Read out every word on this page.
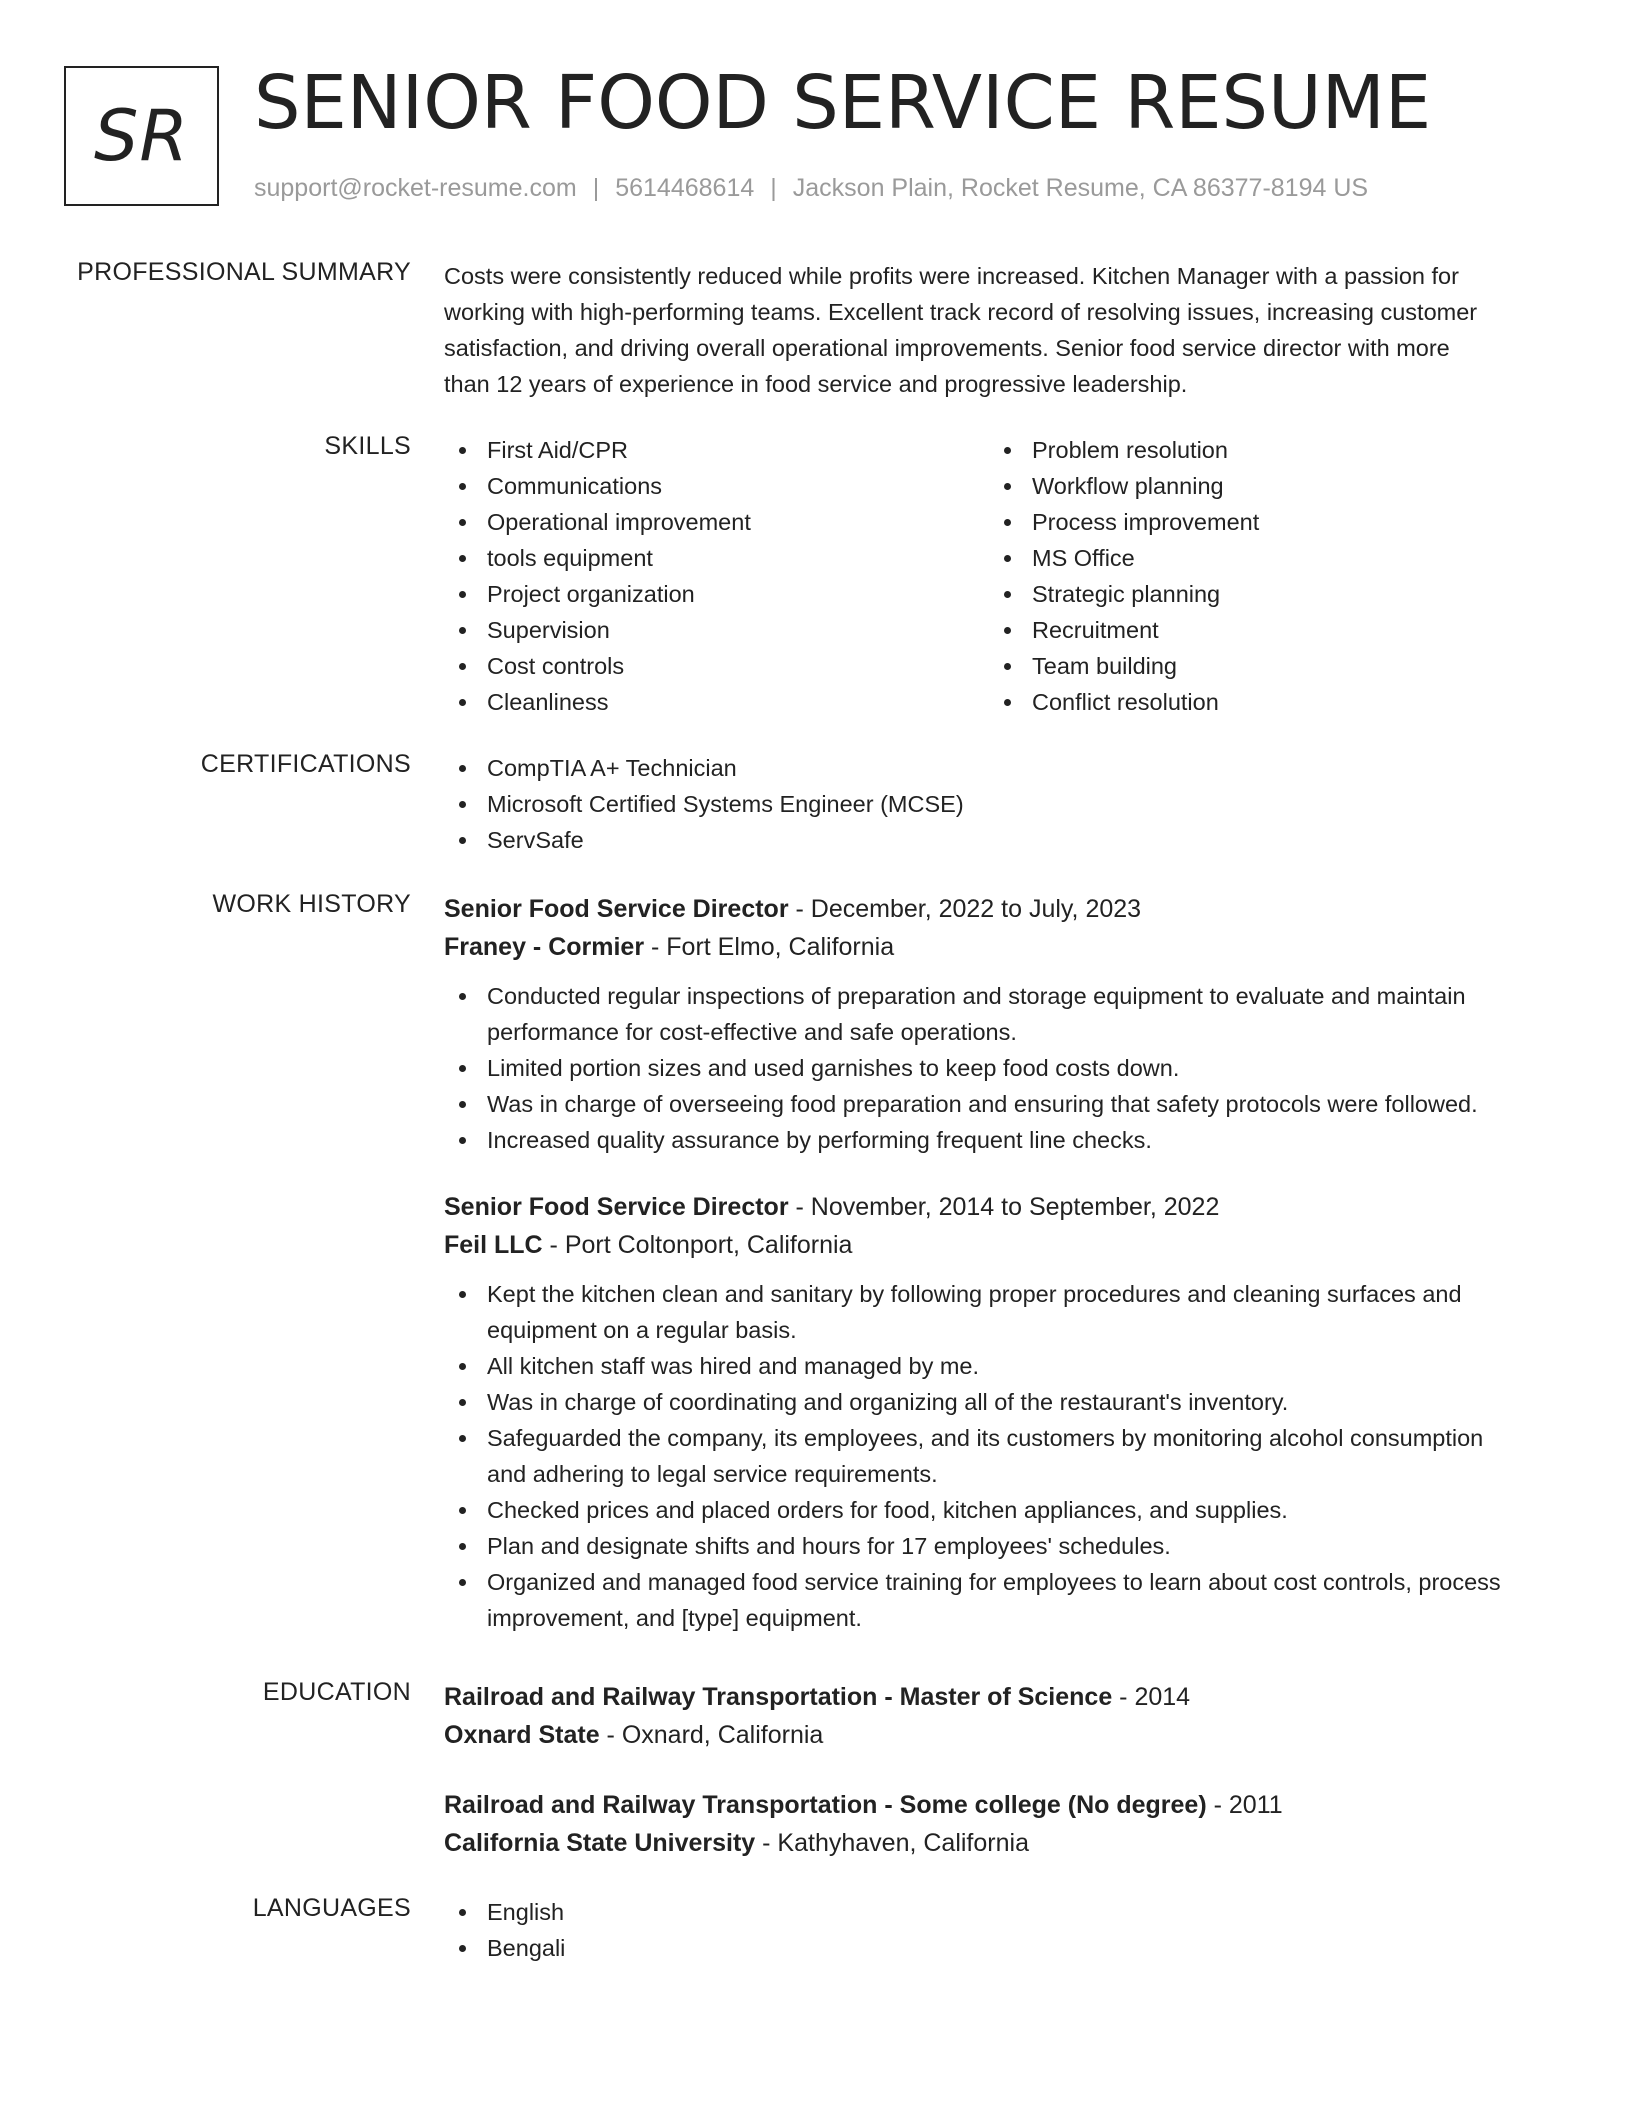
SR SENIOR FOOD SERVICE RESUME
support@rocket-resume.com | 5614468614 | Jackson Plain, Rocket Resume, CA 86377-8194 US
PROFESSIONAL SUMMARY Costs were consistently reduced while profits were increased. Kitchen Manager with a passion for
working with high-performing teams. Excellent track record of resolving issues, increasing customer
satisfaction, and driving overall operational improvements. Senior food service director with more
than 12 years of experience in food service and progressive leadership.
SKILLS	First Aid/CPR
Communications
Operational improvement
tools equipment
Project organization
Supervision
Cost controls
Cleanliness
Problem resolution
Workflow planning
Process improvement
MS Office
Strategic planning
Recruitment
Team building
Conflict resolution
CERTIFICATIONS	CompTIA A+ Technician
Microsoft Certified Systems Engineer (MCSE)
ServSafe
WORK HISTORY Senior Food Service Director - December, 2022 to July, 2023
Franey - Cormier - Fort Elmo, California
Conducted regular inspections of preparation and storage equipment to evaluate and maintain
performance for cost-effective and safe operations.
Limited portion sizes and used garnishes to keep food costs down.
Was in charge of overseeing food preparation and ensuring that safety protocols were followed.
Increased quality assurance by performing frequent line checks.
Senior Food Service Director - November, 2014 to September, 2022
Feil LLC - Port Coltonport, California
Kept the kitchen clean and sanitary by following proper procedures and cleaning surfaces and
equipment on a regular basis.
All kitchen staff was hired and managed by me.
Was in charge of coordinating and organizing all of the restaurant's inventory.
Safeguarded the company, its employees, and its customers by monitoring alcohol consumption
and adhering to legal service requirements.
Checked prices and placed orders for food, kitchen appliances, and supplies.
Plan and designate shifts and hours for 17 employees' schedules.
Organized and managed food service training for employees to learn about cost controls, process
improvement, and [type] equipment.
EDUCATION Railroad and Railway Transportation - Master of Science - 2014
Oxnard State - Oxnard, California
Railroad and Railway Transportation - Some college (No degree) - 2011
California State University - Kathyhaven, California
LANGUAGES	English
Bengali
